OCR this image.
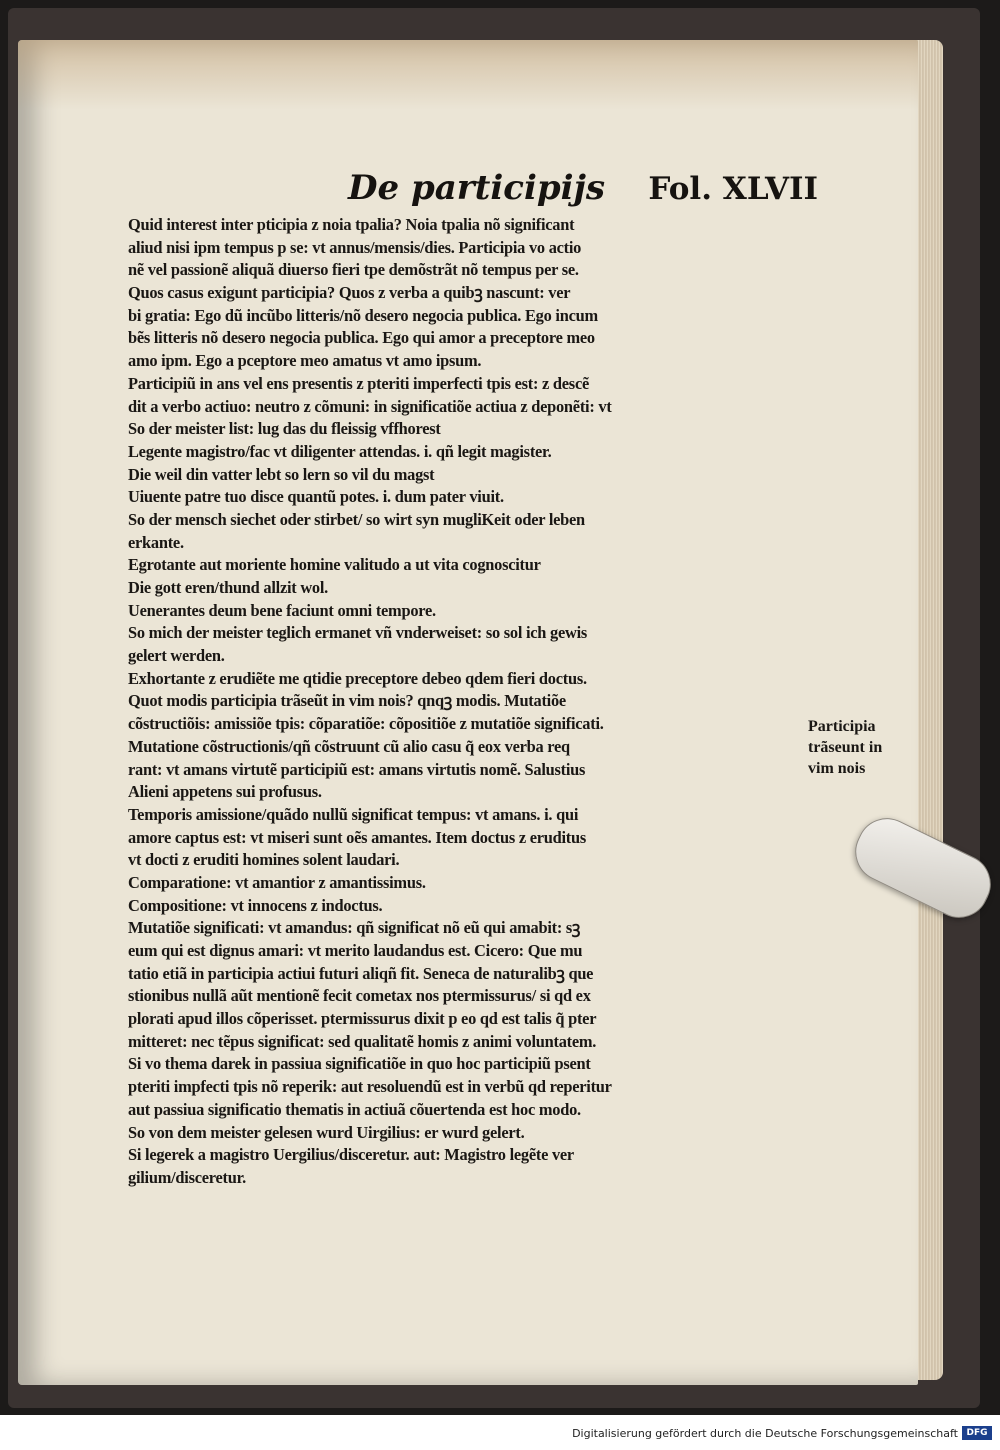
De participijs Fol. XLVII
Quid interest inter pticipia z noia tpalia? Noia tpalia nõ significant
aliud nisi ipm tempus p se: vt annus/mensis/dies. Participia vo actio
nẽ vel passionẽ aliquã diuerso fieri tpe demõstrãt nõ tempus per se.
Quos casus exigunt participia? Quos z verba a quibꝫ nascunt: ver
bi gratia: Ego dũ incũbo litteris/nõ desero negocia publica. Ego incum
bẽs litteris nõ desero negocia publica. Ego qui amor a preceptore meo
amo ipm. Ego a pceptore meo amatus vt amo ipsum.
Participiũ in ans vel ens presentis z pteriti imperfecti tpis est: z descẽ
dit a verbo actiuo: neutro z cõmuni: in significatiõe actiua z deponẽti: vt
So der meister list: lug das du fleissig vffhorest
Legente magistro/fac vt diligenter attendas. i. qñ legit magister.
Die weil din vatter lebt so lern so vil du magst
Uiuente patre tuo disce quantũ potes. i. dum pater viuit.
So der mensch siechet oder stirbet/ so wirt syn mugliKeit oder leben
erkante.
Egrotante aut moriente homine valitudo a ut vita cognoscitur
Die gott eren/thund allzit wol.
Uenerantes deum bene faciunt omni tempore.
So mich der meister teglich ermanet vñ vnderweiset: so sol ich gewis
gelert werden.
Exhortante z erudiẽte me qtidie preceptore debeo qdem fieri doctus.
Quot modis participia trãseũt in vim nois? qnqꝫ modis. Mutatiõe
cõstructiõis: amissiõe tpis: cõparatiõe: cõpositiõe z mutatiõe significati.
Mutatione cõstructionis/qñ cõstruunt cũ alio casu q̃ eox verba req
rant: vt amans virtutẽ participiũ est: amans virtutis nomẽ. Salustius
Alieni appetens sui profusus.
Temporis amissione/quãdo nullũ significat tempus: vt amans. i. qui
amore captus est: vt miseri sunt oẽs amantes. Item doctus z eruditus
vt docti z eruditi homines solent laudari.
Comparatione: vt amantior z amantissimus.
Compositione: vt innocens z indoctus.
Mutatiõe significati: vt amandus: qñ significat nõ eũ qui amabit: sꝫ
eum qui est dignus amari: vt merito laudandus est. Cicero: Que mu
tatio etiã in participia actiui futuri aliqñ fit. Seneca de naturalibꝫ que
stionibus nullã aũt mentionẽ fecit cometax nos ptermissurus/ si qd ex
plorati apud illos cõperisset. ptermissurus dixit p eo qd est talis q̃ pter
mitteret: nec tẽpus significat: sed qualitatẽ homis z animi voluntatem.
Si vo thema darek in passiua significatiõe in quo hoc participiũ psent
pteriti impfecti tpis nõ reperik: aut resoluendũ est in verbũ qd reperitur
aut passiua significatio thematis in actiuã cõuertenda est hoc modo.
So von dem meister gelesen wurd Uirgilius: er wurd gelert.
Si legerek a magistro Uergilius/disceretur. aut: Magistro legẽte ver
gilium/disceretur.
Participia
trãseunt in
vim nois
Digitalisierung gefördert durch die Deutsche Forschungsgemeinschaft DFG
